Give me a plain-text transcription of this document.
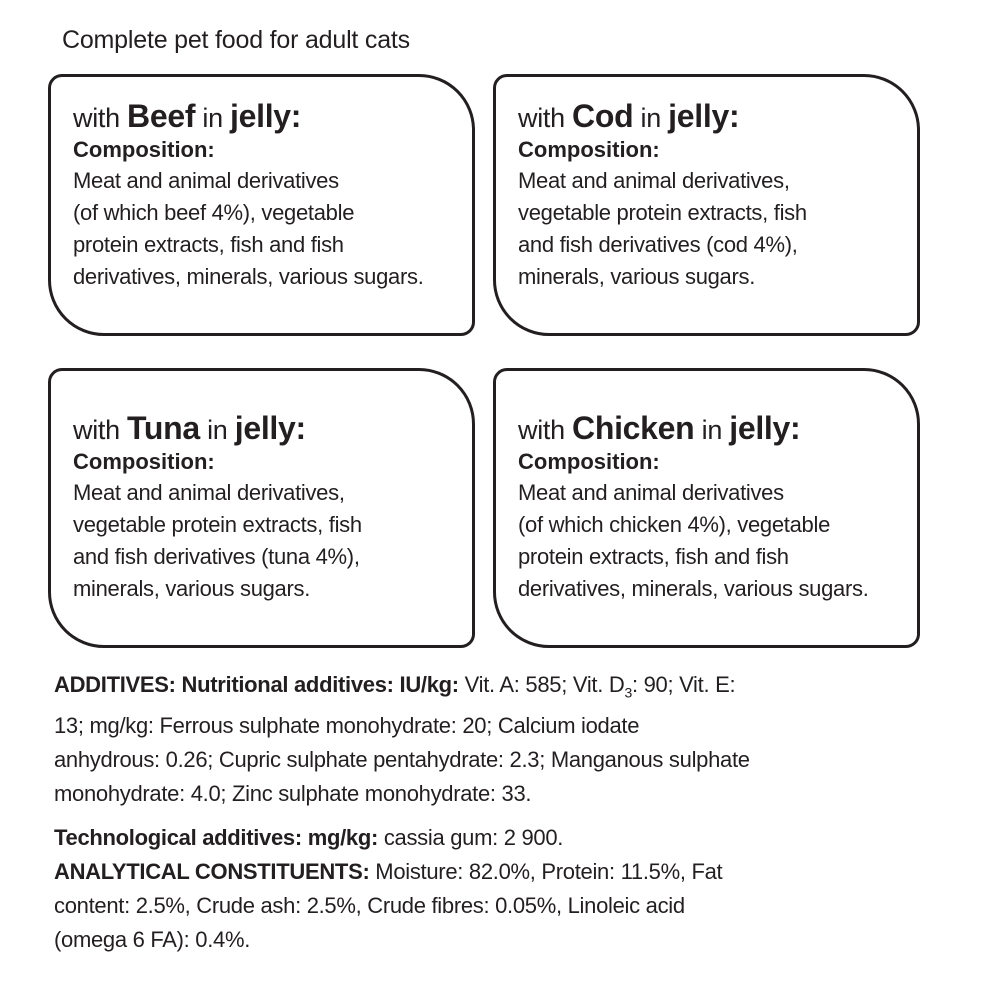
Complete pet food for adult cats
with Beef in jelly:
Composition:
Meat and animal derivatives
(of which beef 4%), vegetable
protein extracts, fish and fish
derivatives, minerals, various sugars.
with Cod in jelly:
Composition:
Meat and animal derivatives,
vegetable protein extracts, fish
and fish derivatives (cod 4%),
minerals, various sugars.
with Tuna in jelly:
Composition:
Meat and animal derivatives,
vegetable protein extracts, fish
and fish derivatives (tuna 4%),
minerals, various sugars.
with Chicken in jelly:
Composition:
Meat and animal derivatives
(of which chicken 4%), vegetable
protein extracts, fish and fish
derivatives, minerals, various sugars.
ADDITIVES: Nutritional additives: IU/kg: Vit. A: 585; Vit. $D_3$: 90; Vit. E:
13; mg/kg: Ferrous sulphate monohydrate: 20; Calcium iodate
anhydrous: 0.26; Cupric sulphate pentahydrate: 2.3; Manganous sulphate
monohydrate: 4.0; Zinc sulphate monohydrate: 33.
Technological additives: mg/kg: cassia gum: 2 900.
ANALYTICAL CONSTITUENTS: Moisture: 82.0%, Protein: 11.5%, Fat
content: 2.5%, Crude ash: 2.5%, Crude fibres: 0.05%, Linoleic acid
(omega 6 FA): 0.4%.
